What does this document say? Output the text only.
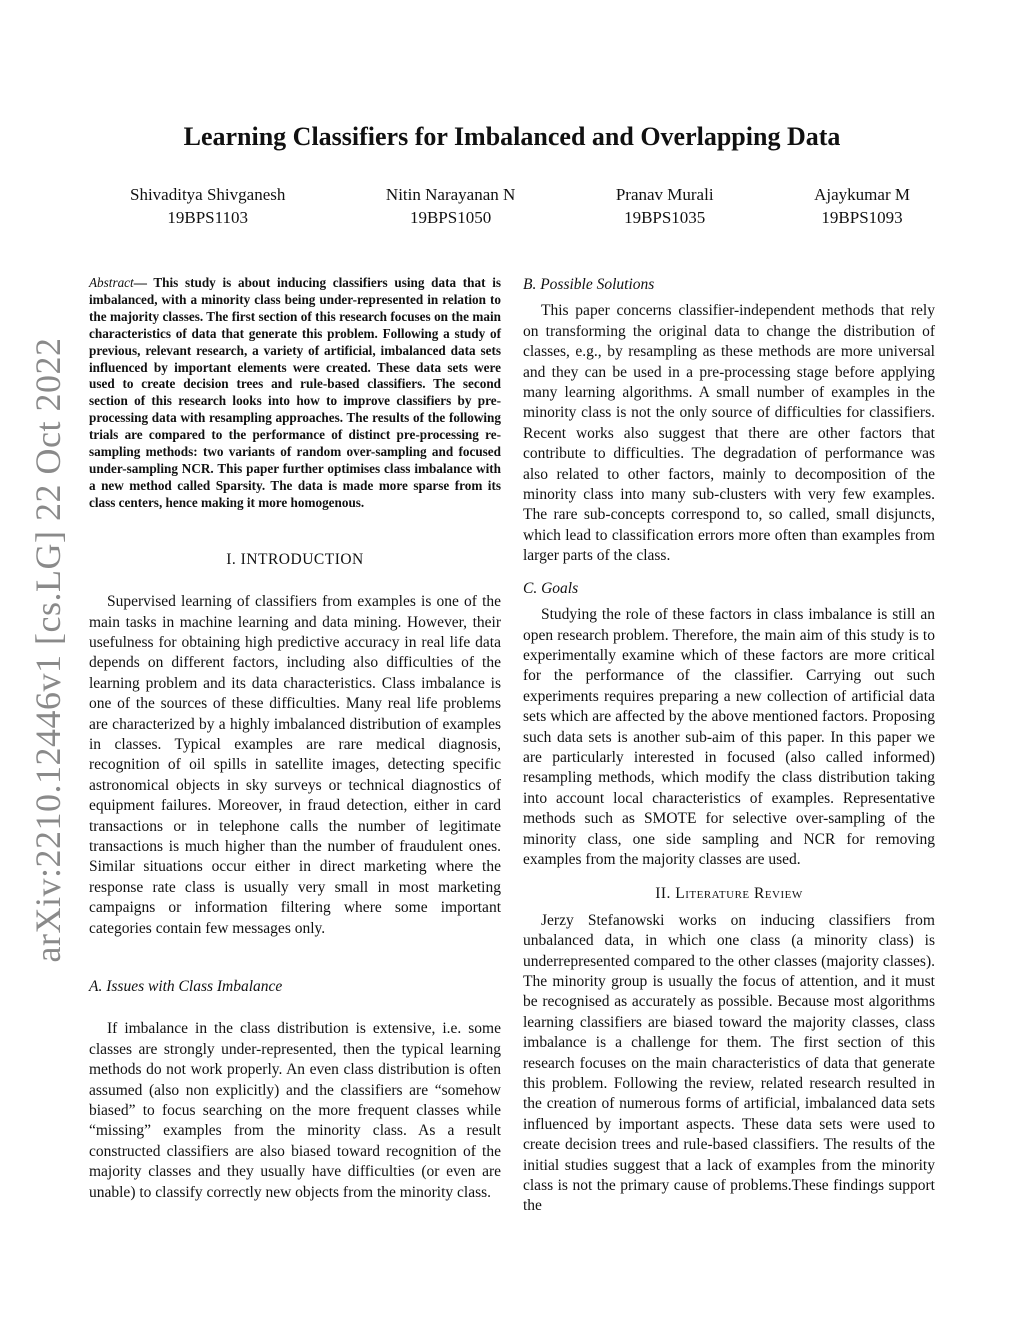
arXiv:2210.12446v1 [cs.LG] 22 Oct 2022
Learning Classifiers for Imbalanced and Overlapping Data
Shivaditya Shivganesh
19BPS1103
Nitin Narayanan N
19BPS1050
Pranav Murali
19BPS1035
Ajaykumar M
19BPS1093
Abstract— This study is about inducing classifiers using data that is imbalanced, with a minority class being under-represented in relation to the majority classes. The first section of this research focuses on the main characteristics of data that generate this problem. Following a study of previous, relevant research, a variety of artificial, imbalanced data sets influenced by important elements were created. These data sets were used to create decision trees and rule-based classifiers. The second section of this research looks into how to improve classifiers by pre-processing data with resampling approaches. The results of the following trials are compared to the performance of distinct pre-processing re-sampling methods: two variants of random over-sampling and focused under-sampling NCR. This paper further optimises class imbalance with a new method called Sparsity. The data is made more sparse from its class centers, hence making it more homogenous.
I. INTRODUCTION

Supervised learning of classifiers from examples is one of the main tasks in machine learning and data mining. However, their usefulness for obtaining high predictive accuracy in real life data depends on different factors, including also difficulties of the learning problem and its data characteristics. Class imbalance is one of the sources of these difficulties. Many real life problems are characterized by a highly imbalanced distribution of examples in classes. Typical examples are rare medical diagnosis, recognition of oil spills in satellite images, detecting specific astronomical objects in sky surveys or technical diagnostics of equipment failures. Moreover, in fraud detection, either in card transactions or in telephone calls the number of legitimate transactions is much higher than the number of fraudulent ones. Similar situations occur either in direct marketing where the response rate class is usually very small in most marketing campaigns or information filtering where some important categories contain few messages only.

A. Issues with Class Imbalance

If imbalance in the class distribution is extensive, i.e. some classes are strongly under-represented, then the typical learning methods do not work properly. An even class distribution is often assumed (also non explicitly) and the classifiers are “somehow biased” to focus searching on the more frequent classes while “missing” examples from the minority class. As a result constructed classifiers are also biased toward recognition of the majority classes and they usually have difficulties (or even are unable) to classify correctly new objects from the minority class.

B. Possible Solutions

This paper concerns classifier-independent methods that rely on transforming the original data to change the distribution of classes, e.g., by resampling as these methods are more universal and they can be used in a pre-processing stage before applying many learning algorithms. A small number of examples in the minority class is not the only source of difficulties for classifiers. Recent works also suggest that there are other factors that contribute to difficulties. The degradation of performance was also related to other factors, mainly to decomposition of the minority class into many sub-clusters with very few examples. The rare sub-concepts correspond to, so called, small disjuncts, which lead to classification errors more often than examples from larger parts of the class.

C. Goals

Studying the role of these factors in class imbalance is still an open research problem. Therefore, the main aim of this study is to experimentally examine which of these factors are more critical for the performance of the classifier. Carrying out such experiments requires preparing a new collection of artificial data sets which are affected by the above mentioned factors. Proposing such data sets is another sub-aim of this paper. In this paper we are particularly interested in focused (also called informed) resampling methods, which modify the class distribution taking into account local characteristics of examples. Representative methods such as SMOTE for selective over-sampling of the minority class, one side sampling and NCR for removing examples from the majority classes are used.

II. Literature Review

Jerzy Stefanowski works on inducing classifiers from unbalanced data, in which one class (a minority class) is underrepresented compared to the other classes (majority classes). The minority group is usually the focus of attention, and it must be recognised as accurately as possible. Because most algorithms learning classifiers are biased toward the majority classes, class imbalance is a challenge for them. The first section of this research focuses on the main characteristics of data that generate this problem. Following the review, related research resulted in the creation of numerous forms of artificial, imbalanced data sets influenced by important aspects. These data sets were used to create decision trees and rule-based classifiers. The results of the initial studies suggest that a lack of examples from the minority class is not the primary cause of problems.These findings support the
